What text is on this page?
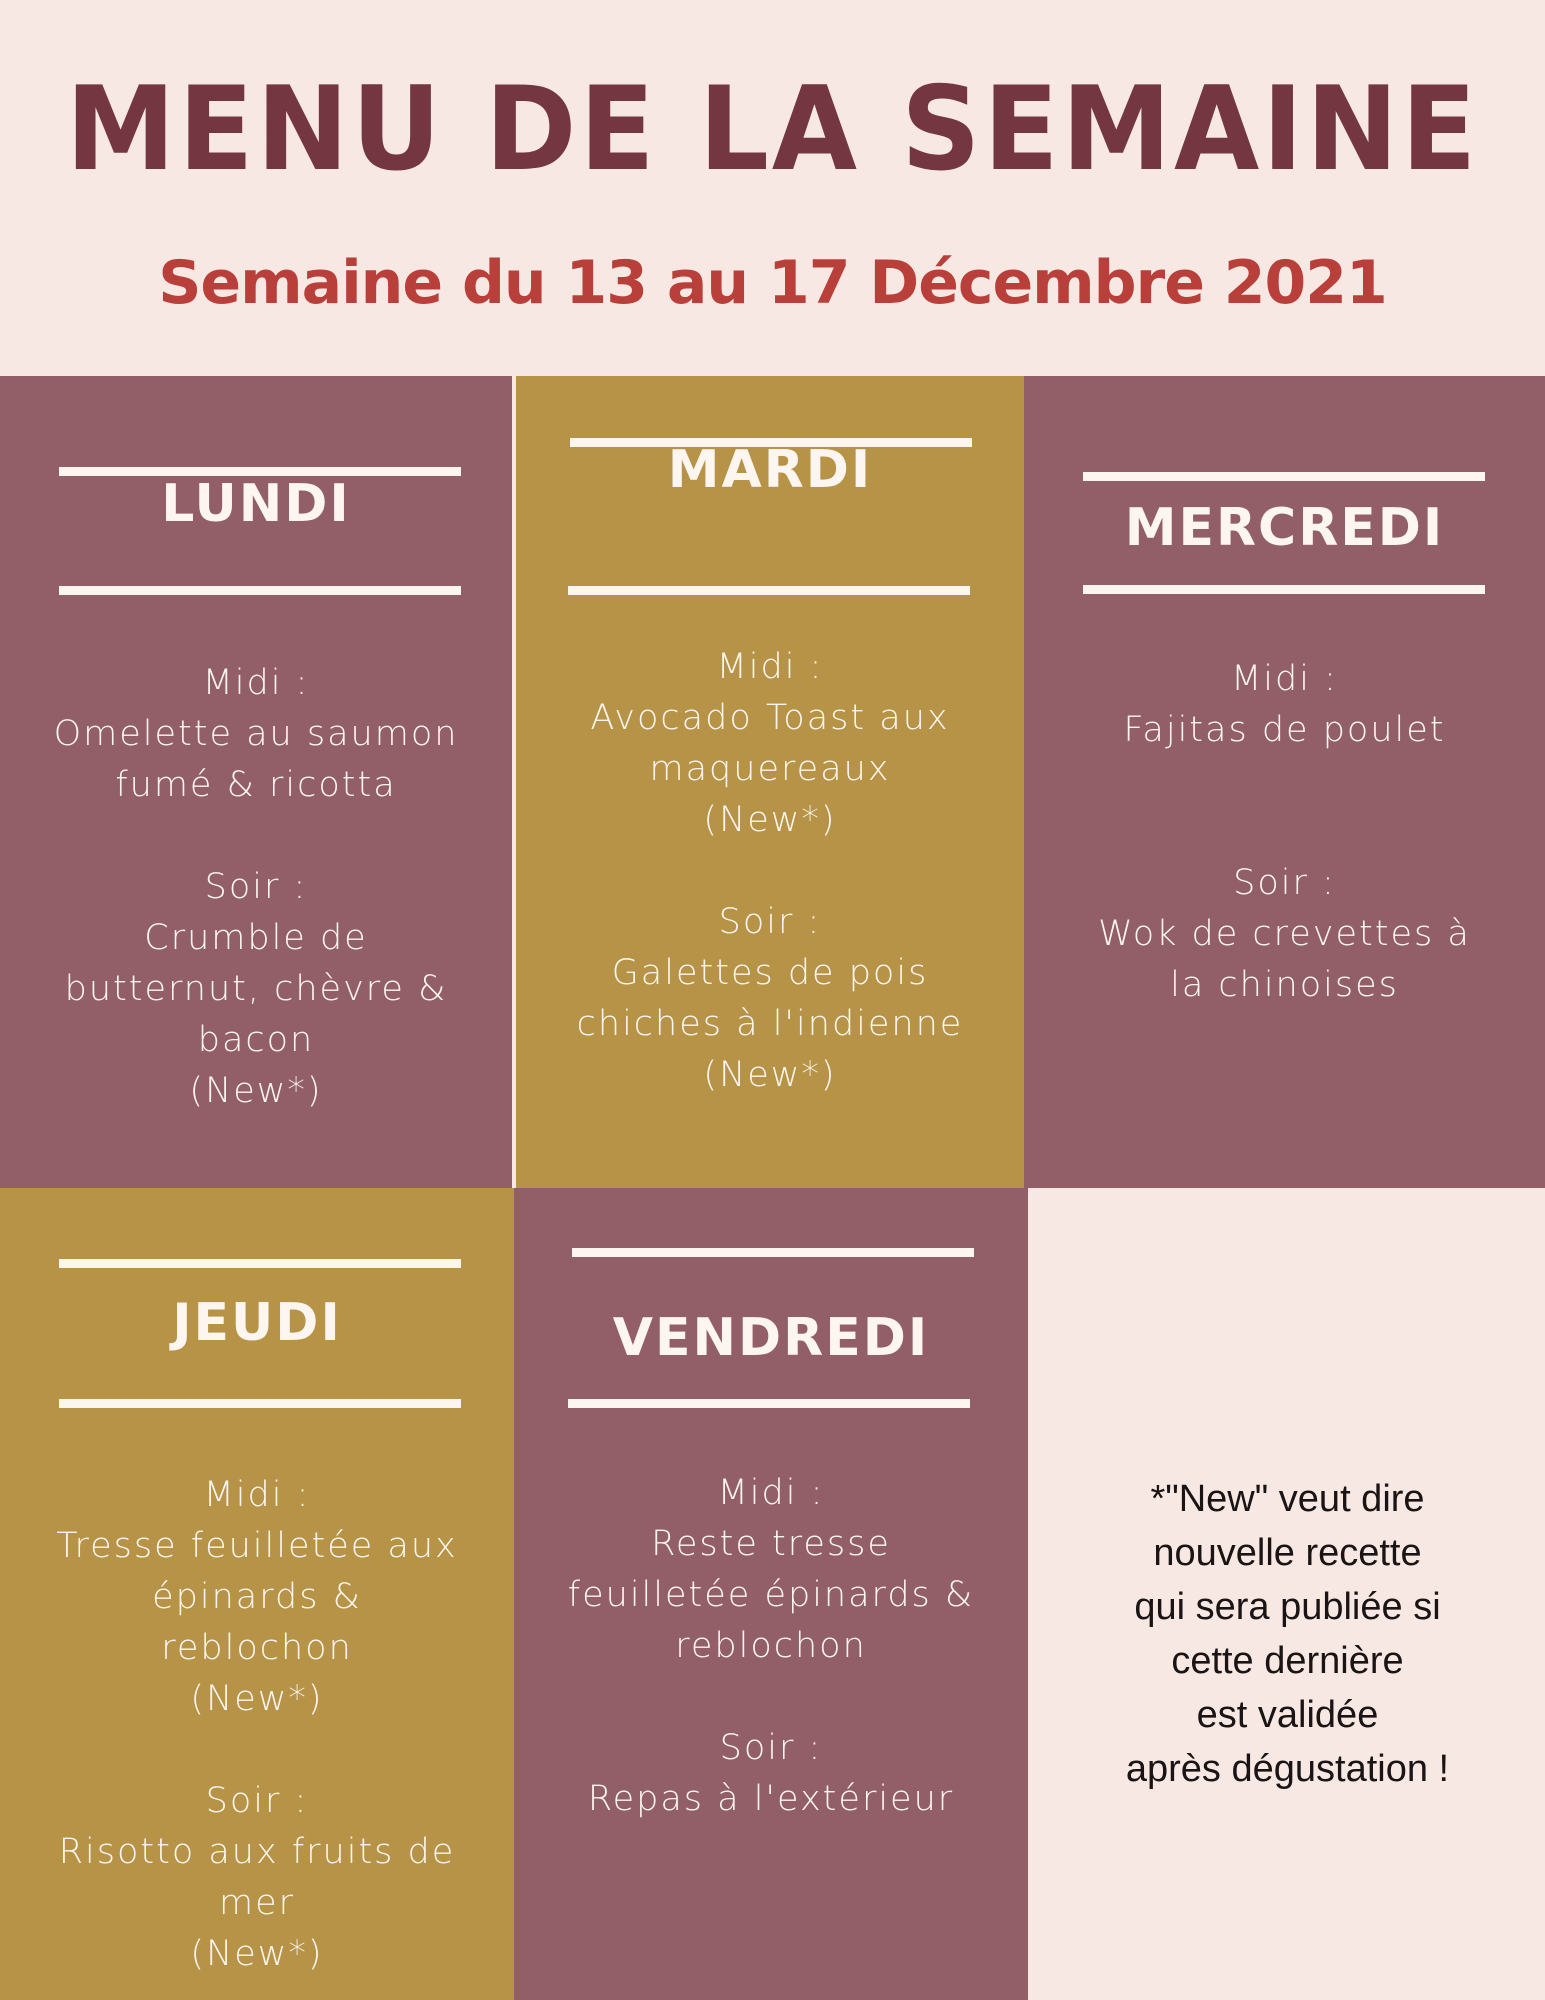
MENU DE LA SEMAINE
Semaine du 13 au 17 Décembre 2021
LUNDI

Midi :

Omelette au saumon

fumé & ricotta

Soir :

Crumble de

butternut, chèvre &

bacon

(New*)

MARDI

Midi :

Avocado Toast aux

maquereaux

(New*)

Soir :

Galettes de pois

chiches à l'indienne

(New*)

MERCREDI

Midi :

Fajitas de poulet

Soir :

Wok de crevettes à

la chinoises

JEUDI

Midi :

Tresse feuilletée aux

épinards &

reblochon

(New*)

Soir :

Risotto aux fruits de

mer

(New*)

VENDREDI

Midi :

Reste tresse

feuilletée épinards &

reblochon

Soir :

Repas à l'extérieur

*"New" veut dire

nouvelle recette

qui sera publiée si

cette dernière

est validée

après dégustation !
